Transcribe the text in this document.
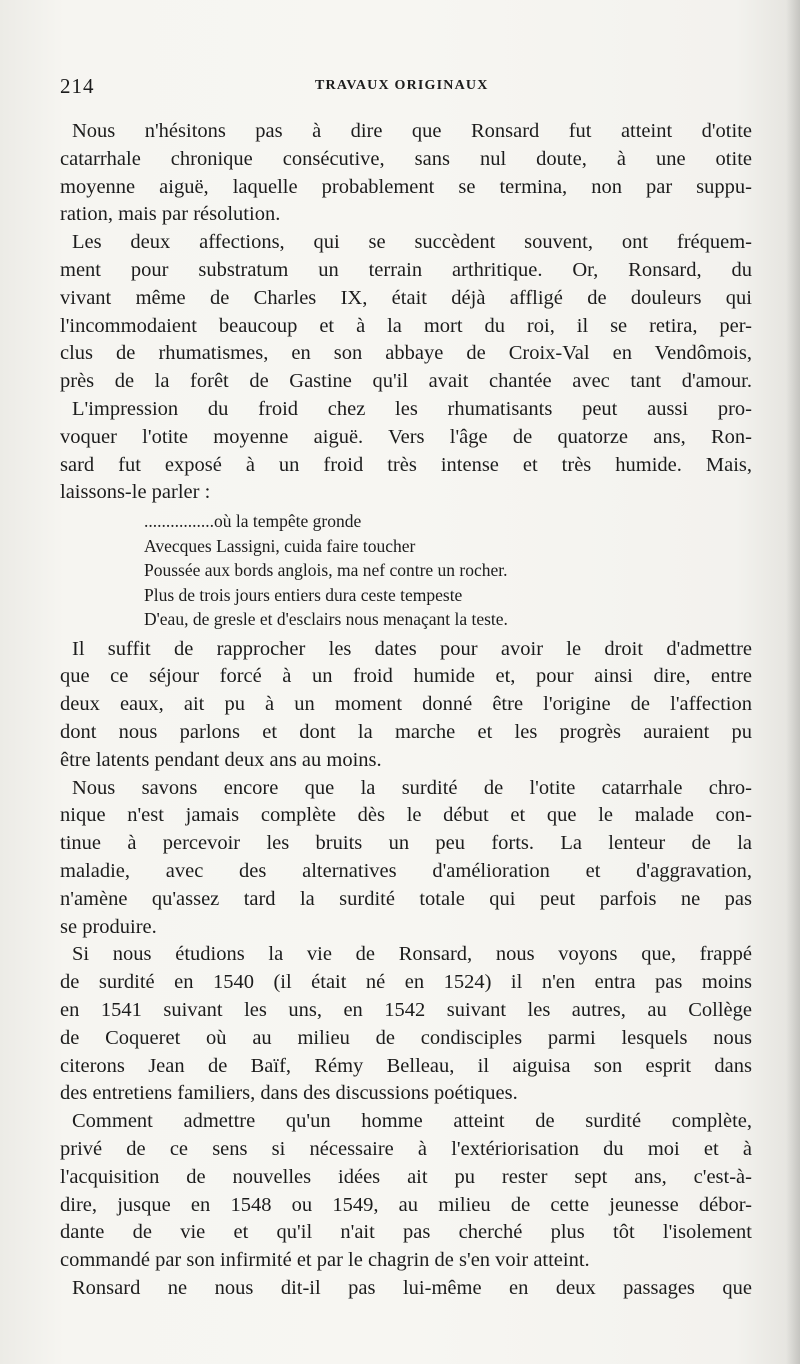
214	TRAVAUX ORIGINAUX
Nous n'hésitons pas à dire que Ronsard fut atteint d'otite
catarrhale chronique consécutive, sans nul doute, à une otite
moyenne aiguë, laquelle probablement se termina, non par suppu-
ration, mais par résolution.
Les deux affections, qui se succèdent souvent, ont fréquem-
ment pour substratum un terrain arthritique. Or, Ronsard, du
vivant même de Charles IX, était déjà affligé de douleurs qui
l'incommodaient beaucoup et à la mort du roi, il se retira, per-
clus de rhumatismes, en son abbaye de Croix-Val en Vendômois,
près de la forêt de Gastine qu'il avait chantée avec tant d'amour.
L'impression du froid chez les rhumatisants peut aussi pro-
voquer l'otite moyenne aiguë. Vers l'âge de quatorze ans, Ron-
sard fut exposé à un froid très intense et très humide. Mais,
laissons-le parler :
................où la tempête gronde
Avecques Lassigni, cuida faire toucher
Poussée aux bords anglois, ma nef contre un rocher.
Plus de trois jours entiers dura ceste tempeste
D'eau, de gresle et d'esclairs nous menaçant la teste.
Il suffit de rapprocher les dates pour avoir le droit d'admettre
que ce séjour forcé à un froid humide et, pour ainsi dire, entre
deux eaux, ait pu à un moment donné être l'origine de l'affection
dont nous parlons et dont la marche et les progrès auraient pu
être latents pendant deux ans au moins.
Nous savons encore que la surdité de l'otite catarrhale chro-
nique n'est jamais complète dès le début et que le malade con-
tinue à percevoir les bruits un peu forts. La lenteur de la
maladie, avec des alternatives d'amélioration et d'aggravation,
n'amène qu'assez tard la surdité totale qui peut parfois ne pas
se produire.
Si nous étudions la vie de Ronsard, nous voyons que, frappé
de surdité en 1540 (il était né en 1524) il n'en entra pas moins
en 1541 suivant les uns, en 1542 suivant les autres, au Collège
de Coqueret où au milieu de condisciples parmi lesquels nous
citerons Jean de Baïf, Rémy Belleau, il aiguisa son esprit dans
des entretiens familiers, dans des discussions poétiques.
Comment admettre qu'un homme atteint de surdité complète,
privé de ce sens si nécessaire à l'extériorisation du moi et à
l'acquisition de nouvelles idées ait pu rester sept ans, c'est-à-
dire, jusque en 1548 ou 1549, au milieu de cette jeunesse débor-
dante de vie et qu'il n'ait pas cherché plus tôt l'isolement
commandé par son infirmité et par le chagrin de s'en voir atteint.
Ronsard ne nous dit-il pas lui-même en deux passages que
